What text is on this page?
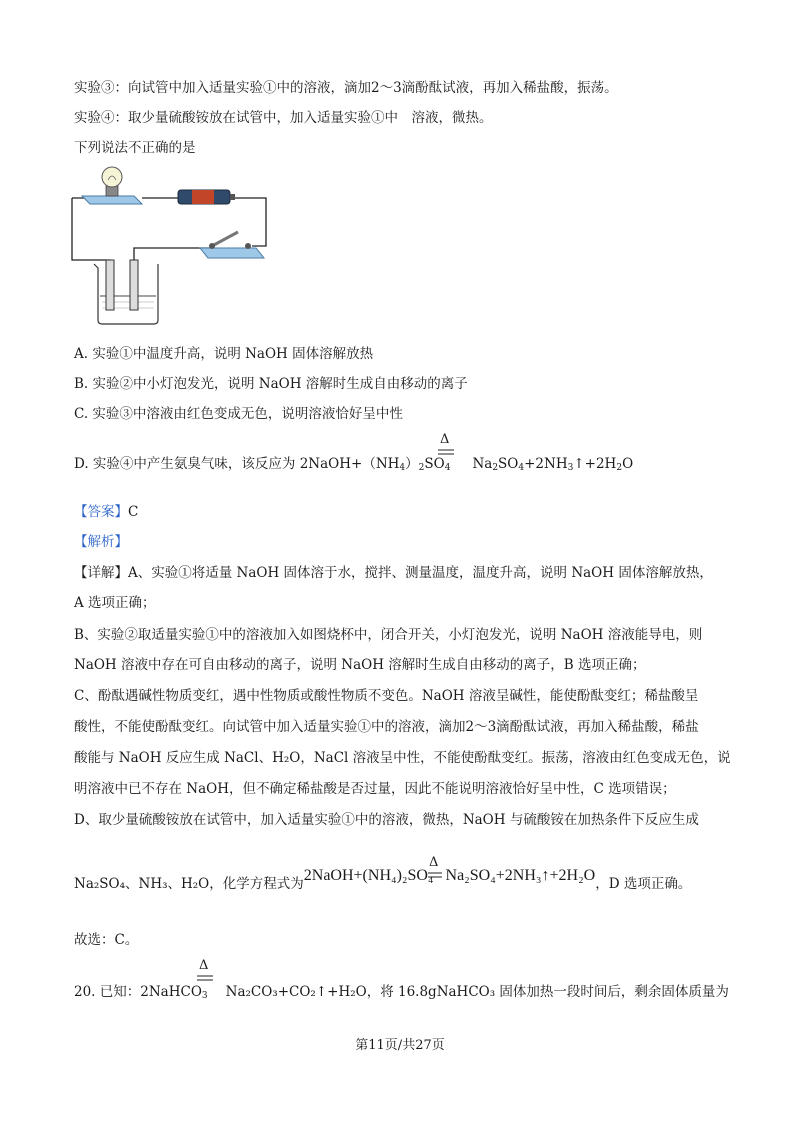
实验③：向试管中加入适量实验①中的溶液，滴加2～3滴酚酞试液，再加入稀盐酸，振荡。
实验④：取少量硫酸铵放在试管中，加入适量实验①中　溶液，微热。
下列说法不正确的是
A. 实验①中温度升高，说明 NaOH 固体溶解放热
B. 实验②中小灯泡发光，说明 NaOH 溶解时生成自由移动的离子
C. 实验③中溶液由红色变成无色，说明溶液恰好呈中性
Δ
D. 实验④中产生氨臭气味，该反应为 $2NaOH+(NH_4)_2SO_4$ $Na_2SO_4+2NH_3↑+2H_2O$
【答案】C
【解析】
【详解】A、实验①将适量 NaOH 固体溶于水，搅拌、测量温度，温度升高，说明 NaOH 固体溶解放热，
A 选项正确；
B、实验②取适量实验①中的溶液加入如图烧杯中，闭合开关，小灯泡发光，说明 NaOH 溶液能导电，则
NaOH 溶液中存在可自由移动的离子，说明 NaOH 溶解时生成自由移动的离子，B 选项正确；
C、酚酞遇碱性物质变红，遇中性物质或酸性物质不变色。NaOH 溶液呈碱性，能使酚酞变红；稀盐酸呈
酸性，不能使酚酞变红。向试管中加入适量实验①中的溶液，滴加2～3滴酚酞试液，再加入稀盐酸，稀盐
酸能与 NaOH 反应生成 NaCl、H₂O，NaCl 溶液呈中性，不能使酚酞变红。振荡，溶液由红色变成无色，说
明溶液中已不存在 NaOH，但不确定稀盐酸是否过量，因此不能说明溶液恰好呈中性，C 选项错误；
D、取少量硫酸铵放在试管中，加入适量实验①中的溶液，微热，NaOH 与硫酸铵在加热条件下反应生成
Δ
Na₂SO₄、NH₃、H₂O，化学方程式为2NaOH+(NH₄)₂SO₄ Na₂SO₄+2NH₃↑+2H₂O，D 选项正确。
故选：C。
Δ
20. 已知：2NaHCO$_3$ Na₂CO₃+CO₂↑+H₂O，将 16.8gNaHCO₃ 固体加热一段时间后，剩余固体质量为
第11页/共27页
